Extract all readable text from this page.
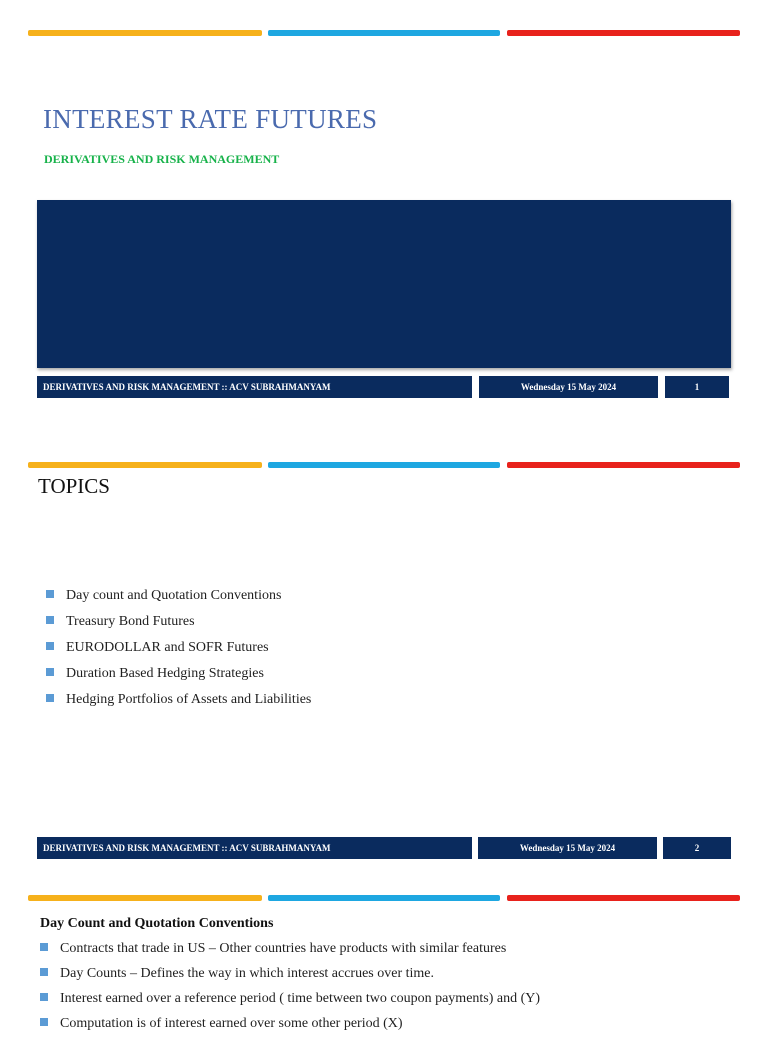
INTEREST RATE FUTURES
DERIVATIVES AND RISK MANAGEMENT
DERIVATIVES AND RISK MANAGEMENT :: ACV SUBRAHMANYAM	Wednesday 15 May 2024	1
TOPICS
Day count and Quotation Conventions
Treasury Bond Futures
EURODOLLAR and SOFR Futures
Duration Based Hedging Strategies
Hedging Portfolios of Assets and Liabilities
DERIVATIVES AND RISK MANAGEMENT :: ACV SUBRAHMANYAM	Wednesday 15 May 2024	2
Day Count and Quotation Conventions
Contracts that trade in US – Other countries have products with similar features
Day Counts – Defines the way in which interest accrues over time.
Interest earned over a reference period ( time between two coupon payments) and (Y)
Computation is of interest earned over some other period (X)
